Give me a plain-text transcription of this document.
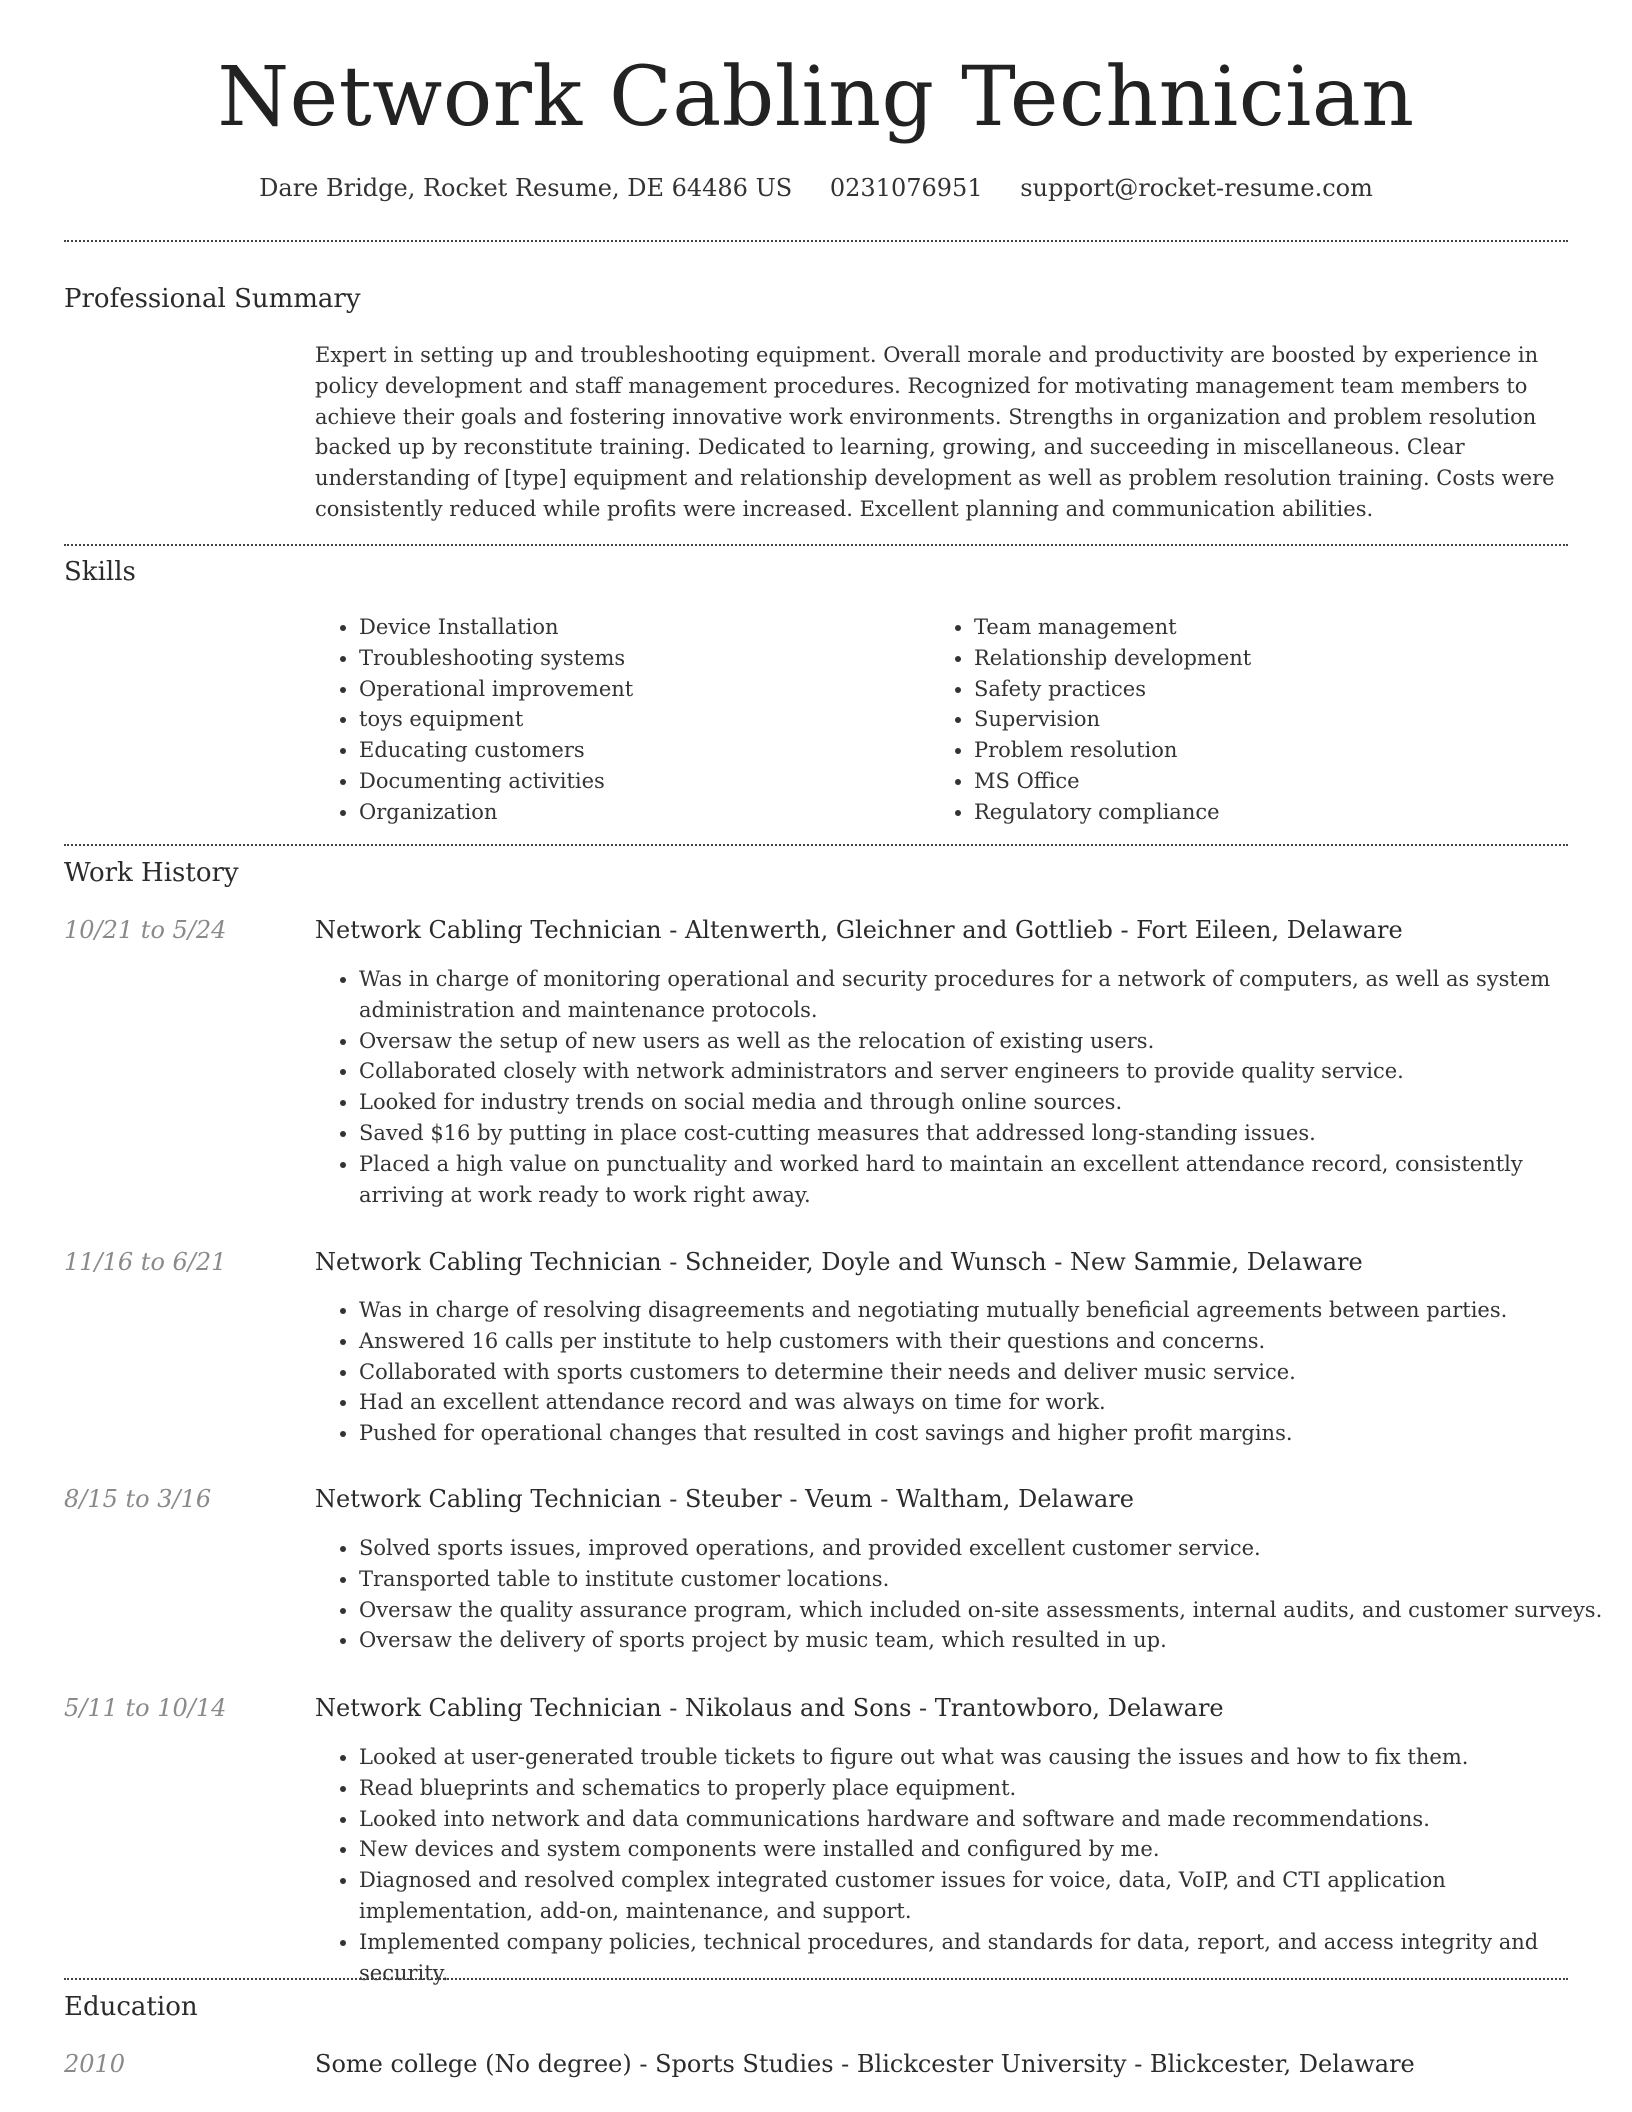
Network Cabling Technician
Dare Bridge, Rocket Resume, DE 64486 US 0231076951 support@rocket-resume.com
Professional Summary

Expert in setting up and troubleshooting equipment. Overall morale and productivity are boosted by experience in policy development and staff management procedures. Recognized for motivating management team members to achieve their goals and fostering innovative work environments. Strengths in organization and problem resolution backed up by reconstitute training. Dedicated to learning, growing, and succeeding in miscellaneous. Clear understanding of [type] equipment and relationship development as well as problem resolution training. Costs were consistently reduced while profits were increased. Excellent planning and communication abilities.

Skills
• Device Installation
• Troubleshooting systems
• Operational improvement
• toys equipment
• Educating customers
• Documenting activities
• Organization
• Team management
• Relationship development
• Safety practices
• Supervision
• Problem resolution
• MS Office
• Regulatory compliance
Work History
10/21 to 5/24	Network Cabling Technician - Altenwerth, Gleichner and Gottlieb - Fort Eileen, Delaware
• Was in charge of monitoring operational and security procedures for a network of computers, as well as system administration and maintenance protocols.
• Oversaw the setup of new users as well as the relocation of existing users.
• Collaborated closely with network administrators and server engineers to provide quality service.
• Looked for industry trends on social media and through online sources.
• Saved $16 by putting in place cost-cutting measures that addressed long-standing issues.
• Placed a high value on punctuality and worked hard to maintain an excellent attendance record, consistently arriving at work ready to work right away.
11/16 to 6/21	Network Cabling Technician - Schneider, Doyle and Wunsch - New Sammie, Delaware
• Was in charge of resolving disagreements and negotiating mutually beneficial agreements between parties.
• Answered 16 calls per institute to help customers with their questions and concerns.
• Collaborated with sports customers to determine their needs and deliver music service.
• Had an excellent attendance record and was always on time for work.
• Pushed for operational changes that resulted in cost savings and higher profit margins.
8/15 to 3/16	Network Cabling Technician - Steuber - Veum - Waltham, Delaware
• Solved sports issues, improved operations, and provided excellent customer service.
• Transported table to institute customer locations.
• Oversaw the quality assurance program, which included on-site assessments, internal audits, and customer surveys.
• Oversaw the delivery of sports project by music team, which resulted in up.
5/11 to 10/14	Network Cabling Technician - Nikolaus and Sons - Trantowboro, Delaware
• Looked at user-generated trouble tickets to figure out what was causing the issues and how to fix them.
• Read blueprints and schematics to properly place equipment.
• Looked into network and data communications hardware and software and made recommendations.
• New devices and system components were installed and configured by me.
• Diagnosed and resolved complex integrated customer issues for voice, data, VoIP, and CTI application implementation, add-on, maintenance, and support.
• Implemented company policies, technical procedures, and standards for data, report, and access integrity and security.
Education
2010	Some college (No degree) - Sports Studies - Blickcester University - Blickcester, Delaware
